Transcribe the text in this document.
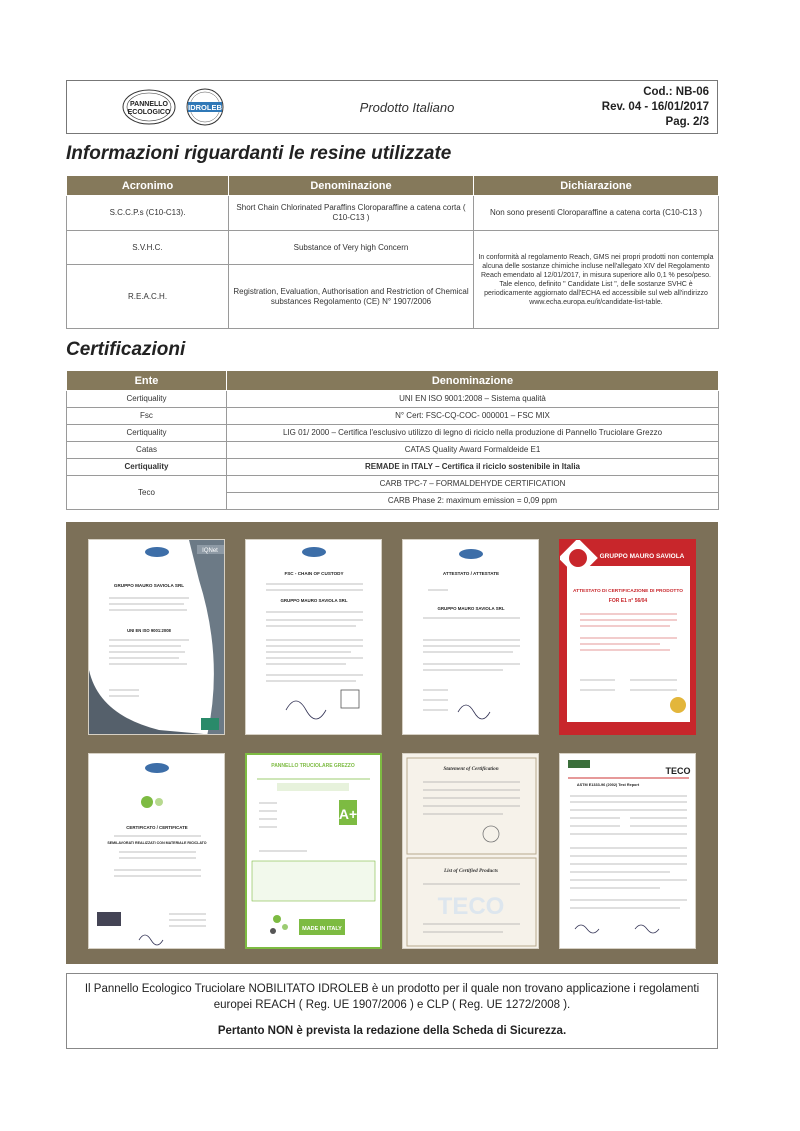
PANNELLO
ECOLOGICO
IDROLEB	Prodotto Italiano
Cod.: NB-06
Rev. 04 - 16/01/2017
Pag. 2/3
Informazioni riguardanti le resine utilizzate
Acronimo	Denominazione	Dichiarazione
S.C.C.P.s (C10-C13).	Short Chain Chlorinated Paraffins Cloroparaffine a catena corta ( C10-C13 )	Non sono presenti Cloroparaffine a catena corta (C10-C13 )
S.V.H.C.	Substance of Very high Concern	In conformità al regolamento Reach, GMS nei propri prodotti non contempla alcuna delle sostanze chimiche incluse nell'allegato XIV del Regolamento Reach emendato al 12/01/2017, in misura superiore allo 0,1 % peso/peso. Tale elenco, definito " Candidate List ", delle sostanze SVHC è periodicamente aggiornato dall'ECHA ed accessibile sul web all'indirizzo www.echa.europa.eu/it/candidate-list-table.
R.E.A.C.H.	Registration, Evaluation, Authorisation and Restriction of Chemical substances Regolamento (CE) N° 1907/2006	
Certificazioni
Ente	Denominazione
Certiquality	UNI EN ISO 9001:2008 – Sistema qualità
Fsc	N° Cert: FSC-CQ-COC- 000001 – FSC MIX
Certiquality	LIG 01/ 2000 – Certifica l'esclusivo utilizzo di legno di riciclo nella produzione di Pannello Truciolare Grezzo
Catas	CATAS Quality Award Formaldeide E1
Certiquality	REMADE in ITALY – Certifica il riciclo sostenibile in Italia
Teco	CARB TPC-7 – FORMALDEHYDE CERTIFICATION
	CARB Phase 2: maximum emission = 0,09 ppm
IQNet
GRUPPO MAURO SAVIOLA SRL
UNI EN ISO 9001:2008
FSC - CHAIN OF CUSTODY
GRUPPO MAURO SAVIOLA SRL
ATTESTATO / ATTESTATE
GRUPPO MAURO SAVIOLA SRL
GRUPPO MAURO SAVIOLA
ATTESTATO DI CERTIFICAZIONE DI PRODOTTO
FOR E1 n° 56/04
CERTIFICATO / CERTIFICATE
SEMILAVORATI REALIZZATI CON MATERIALE RICICLATO
PANNELLO TRUCIOLARE GREZZO
A+
MADE IN ITALY
Statement of Certification
List of Certified Products
TECO
TECO
ASTM E1333-96 (2002) Test Report
Il Pannello Ecologico Truciolare NOBILITATO IDROLEB è un prodotto per il quale non trovano applicazione i regolamenti europei REACH ( Reg. UE 1907/2006 ) e CLP ( Reg. UE 1272/2008 ).
Pertanto NON è prevista la redazione della Scheda di Sicurezza.
